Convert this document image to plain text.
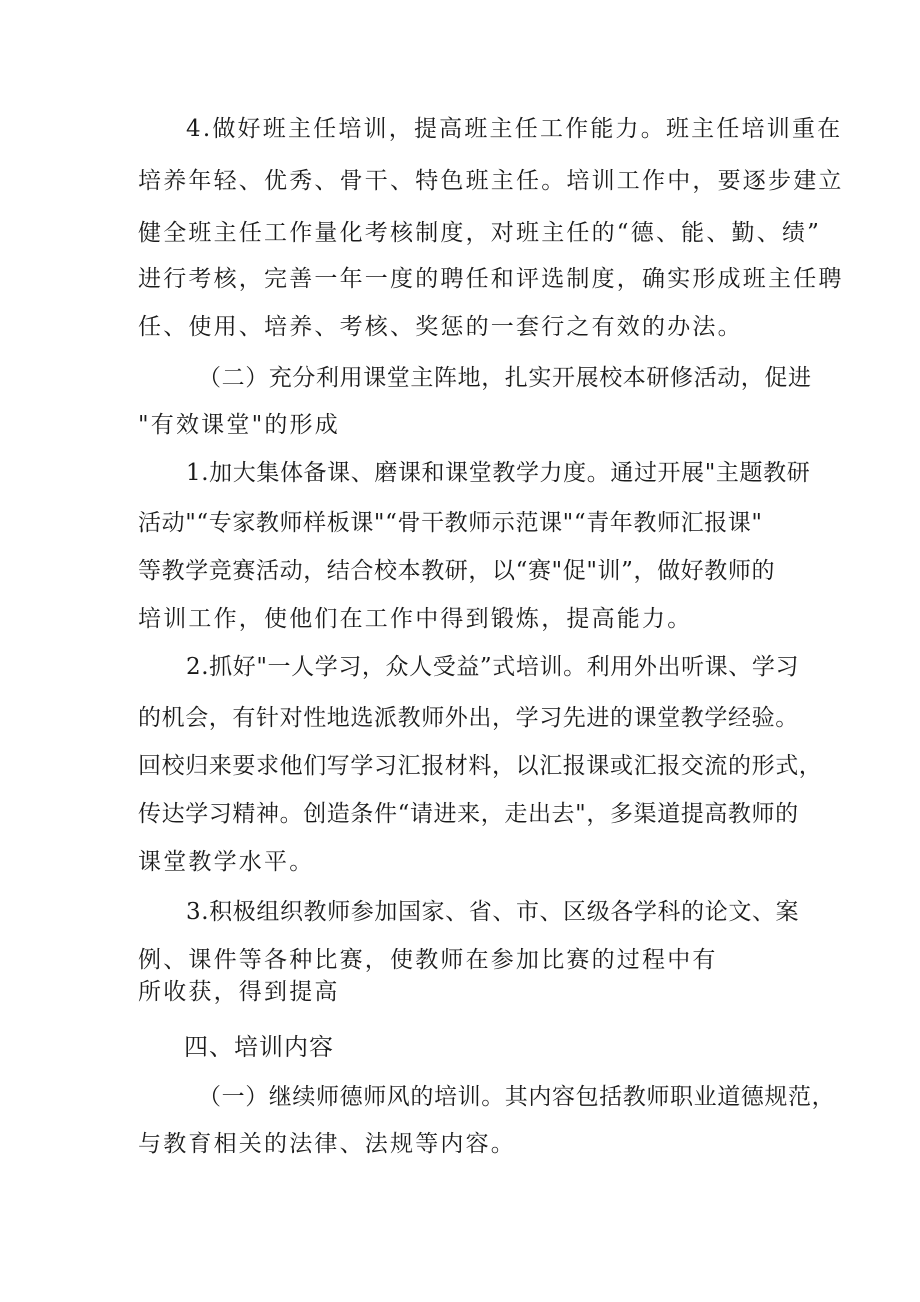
4.做好班主任培训，提高班主任工作能力。班主任培训重在
培养年轻、优秀、骨干、特色班主任。培训工作中，要逐步建立
健全班主任工作量化考核制度，对班主任的“德、能、勤、绩”
进行考核，完善一年一度的聘任和评选制度，确实形成班主任聘
任、使用、培养、考核、奖惩的一套行之有效的办法。
（二）充分利用课堂主阵地，扎实开展校本研修活动，促进
"有效课堂"的形成
1.加大集体备课、磨课和课堂教学力度。通过开展"主题教研
活动"“专家教师样板课"“骨干教师示范课"“青年教师汇报课"
等教学竞赛活动，结合校本教研，以“赛"促"训”，做好教师的
培训工作，使他们在工作中得到锻炼，提高能力。
2.抓好"一人学习，众人受益”式培训。利用外出听课、学习
的机会，有针对性地选派教师外出，学习先进的课堂教学经验。
回校归来要求他们写学习汇报材料，以汇报课或汇报交流的形式，
传达学习精神。创造条件“请进来，走出去"，多渠道提高教师的
课堂教学水平。
3.积极组织教师参加国家、省、市、区级各学科的论文、案
例、课件等各种比赛，使教师在参加比赛的过程中有
所收获，得到提高
四、培训内容
（一）继续师德师风的培训。其内容包括教师职业道德规范，
与教育相关的法律、法规等内容。
